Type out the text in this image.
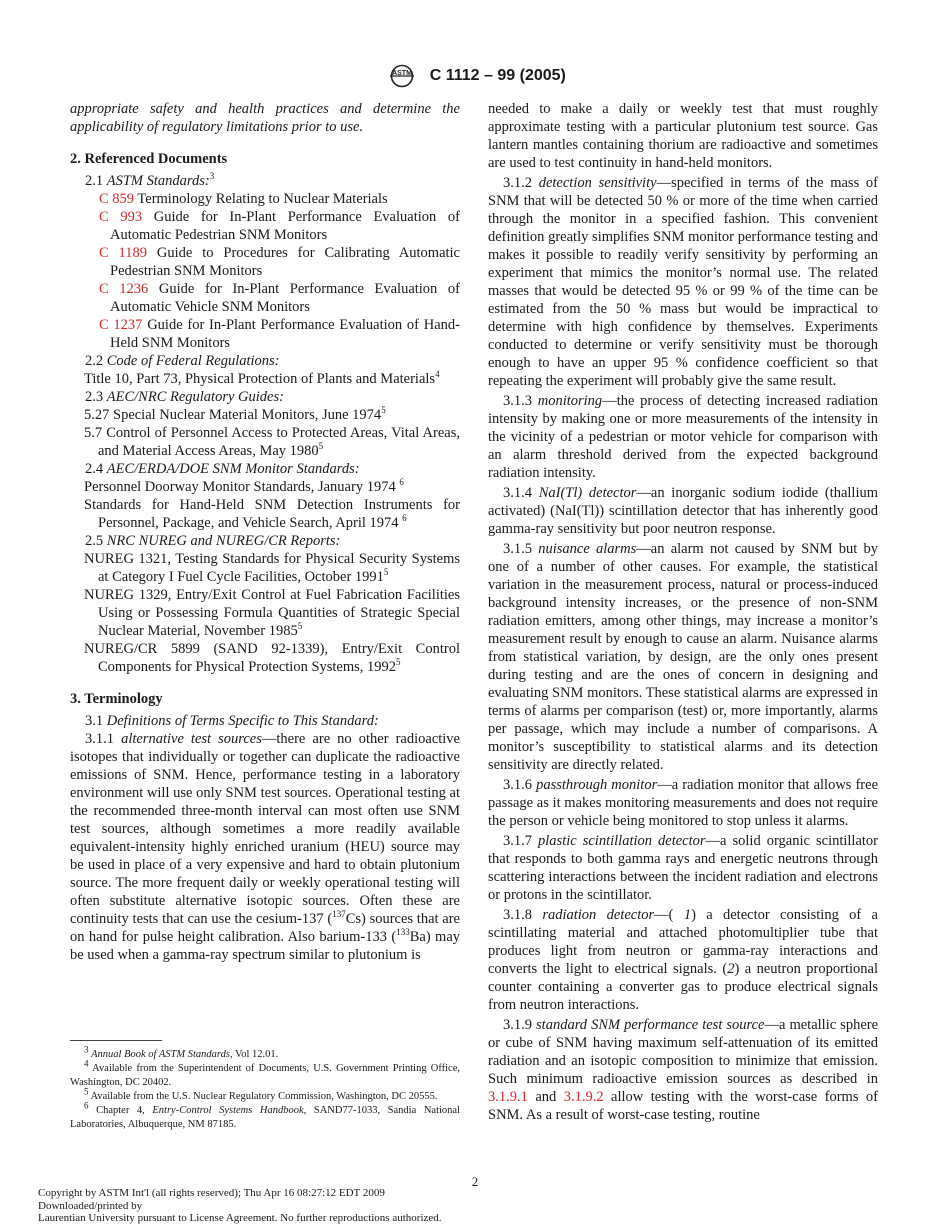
ASTM C 1112 – 99 (2005)

appropriate safety and health practices and determine the applicability of regulatory limitations prior to use.

2. Referenced Documents

2.1 ASTM Standards:$^3$

C 859 Terminology Relating to Nuclear Materials

C 993 Guide for In-Plant Performance Evaluation of Automatic Pedestrian SNM Monitors

C 1189 Guide to Procedures for Calibrating Automatic Pedestrian SNM Monitors

C 1236 Guide for In-Plant Performance Evaluation of Automatic Vehicle SNM Monitors

C 1237 Guide for In-Plant Performance Evaluation of Hand-Held SNM Monitors

2.2 Code of Federal Regulations:

Title 10, Part 73, Physical Protection of Plants and Materials$^4$

2.3 AEC/NRC Regulatory Guides:

5.27 Special Nuclear Material Monitors, June 1974$^5$

5.7 Control of Personnel Access to Protected Areas, Vital Areas, and Material Access Areas, May 1980$^5$

2.4 AEC/ERDA/DOE SNM Monitor Standards:

Personnel Doorway Monitor Standards, January 1974 $^6$

Standards for Hand-Held SNM Detection Instruments for Personnel, Package, and Vehicle Search, April 1974 $^6$

2.5 NRC NUREG and NUREG/CR Reports:

NUREG 1321, Testing Standards for Physical Security Systems at Category I Fuel Cycle Facilities, October 1991$^5$

NUREG 1329, Entry/Exit Control at Fuel Fabrication Facilities Using or Possessing Formula Quantities of Strategic Special Nuclear Material, November 1985$^5$

NUREG/CR 5899 (SAND 92-1339), Entry/Exit Control Components for Physical Protection Systems, 1992$^5$

3. Terminology

3.1 Definitions of Terms Specific to This Standard:

3.1.1 alternative test sources—there are no other radioactive isotopes that individually or together can duplicate the radioactive emissions of SNM. Hence, performance testing in a laboratory environment will use only SNM test sources. Operational testing at the recommended three-month interval can most often use SNM test sources, although sometimes a more readily available equivalent-intensity highly enriched uranium (HEU) source may be used in place of a very expensive and hard to obtain plutonium source. The more frequent daily or weekly operational testing will often substitute alternative isotopic sources. Often these are continuity tests that can use the cesium-137 ($^{137}$Cs) sources that are on hand for pulse height calibration. Also barium-133 ($^{133}$Ba) may be used when a gamma-ray spectrum similar to plutonium is

$^3$ Annual Book of ASTM Standards, Vol 12.01.

$^4$ Available from the Superintendent of Documents, U.S. Government Printing Office, Washington, DC 20402.

$^5$ Available from the U.S. Nuclear Regulatory Commission, Washington, DC 20555.

$^6$ Chapter 4, Entry-Control Systems Handbook, SAND77-1033, Sandia National Laboratories, Albuquerque, NM 87185.

needed to make a daily or weekly test that must roughly approximate testing with a particular plutonium test source. Gas lantern mantles containing thorium are radioactive and sometimes are used to test continuity in hand-held monitors.

3.1.2 detection sensitivity—specified in terms of the mass of SNM that will be detected 50 % or more of the time when carried through the monitor in a specified fashion. This convenient definition greatly simplifies SNM monitor performance testing and makes it possible to readily verify sensitivity by performing an experiment that mimics the monitor’s normal use. The related masses that would be detected 95 % or 99 % of the time can be estimated from the 50 % mass but would be impractical to determine with high confidence by themselves. Experiments conducted to determine or verify sensitivity must be thorough enough to have an upper 95 % confidence coefficient so that repeating the experiment will probably give the same result.

3.1.3 monitoring—the process of detecting increased radiation intensity by making one or more measurements of the intensity in the vicinity of a pedestrian or motor vehicle for comparison with an alarm threshold derived from the expected background radiation intensity.

3.1.4 NaI(Tl) detector—an inorganic sodium iodide (thallium activated) (NaI(Tl)) scintillation detector that has inherently good gamma-ray sensitivity but poor neutron response.

3.1.5 nuisance alarms—an alarm not caused by SNM but by one of a number of other causes. For example, the statistical variation in the measurement process, natural or process-induced background intensity increases, or the presence of non-SNM radiation emitters, among other things, may increase a monitor’s measurement result by enough to cause an alarm. Nuisance alarms from statistical variation, by design, are the only ones present during testing and are the ones of concern in designing and evaluating SNM monitors. These statistical alarms are expressed in terms of alarms per comparison (test) or, more importantly, alarms per passage, which may include a number of comparisons. A monitor’s susceptibility to statistical alarms and its detection sensitivity are directly related.

3.1.6 passthrough monitor—a radiation monitor that allows free passage as it makes monitoring measurements and does not require the person or vehicle being monitored to stop unless it alarms.

3.1.7 plastic scintillation detector—a solid organic scintillator that responds to both gamma rays and energetic neutrons through scattering interactions between the incident radiation and electrons or protons in the scintillator.

3.1.8 radiation detector—( 1) a detector consisting of a scintillating material and attached photomultiplier tube that produces light from neutron or gamma-ray interactions and converts the light to electrical signals. (2) a neutron proportional counter containing a converter gas to produce electrical signals from neutron interactions.

3.1.9 standard SNM performance test source—a metallic sphere or cube of SNM having maximum self-attenuation of its emitted radiation and an isotopic composition to minimize that emission. Such minimum radioactive emission sources as described in 3.1.9.1 and 3.1.9.2 allow testing with the worst-case forms of SNM. As a result of worst-case testing, routine

2
Copyright by ASTM Int'l (all rights reserved); Thu Apr 16 08:27:12 EDT 2009
Downloaded/printed by
Laurentian University pursuant to License Agreement. No further reproductions authorized.
